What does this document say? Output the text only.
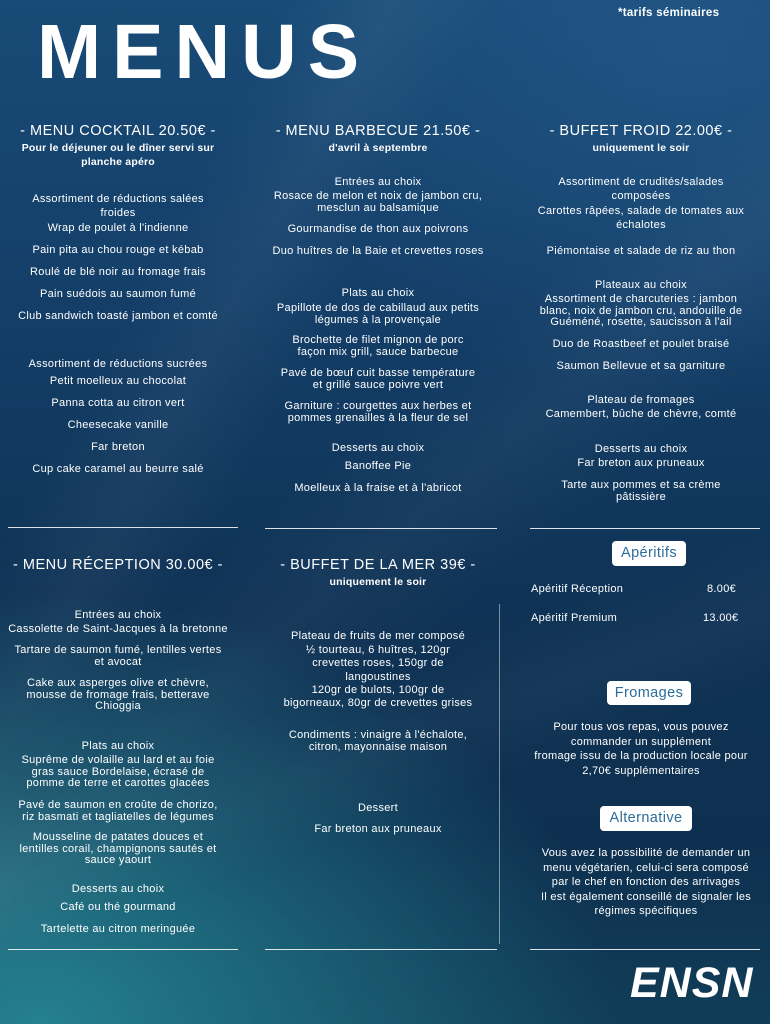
*tarifs séminaires
MENUS
- MENU COCKTAIL 20.50€ -

Pour le déjeuner ou le dîner servi sur
planche apéro

Assortiment de réductions salées
froides

Wrap de poulet à l'indienne

Pain pita au chou rouge et kébab

Roulé de blé noir au fromage frais

Pain suédois au saumon fumé

Club sandwich toasté jambon et comté

Assortiment de réductions sucrées

Petit moelleux au chocolat

Panna cotta au citron vert

Cheesecake vanille

Far breton

Cup cake caramel au beurre salé

- MENU BARBECUE 21.50€ -

d'avril à septembre

Entrées au choix

Rosace de melon et noix de jambon cru,
mesclun au balsamique

Gourmandise de thon aux poivrons

Duo huîtres de la Baie et crevettes roses

Plats au choix

Papillote de dos de cabillaud aux petits
légumes à la provençale

Brochette de filet mignon de porc
façon mix grill, sauce barbecue

Pavé de bœuf cuit basse température
et grillé sauce poivre vert

Garniture : courgettes aux herbes et
pommes grenailles à la fleur de sel

Desserts au choix

Banoffee Pie

Moelleux à la fraise et à l'abricot

- BUFFET FROID 22.00€ -

uniquement le soir

Assortiment de crudités/salades
composées

Carottes râpées, salade de tomates aux
échalotes

Piémontaise et salade de riz au thon

Plateaux au choix

Assortiment de charcuteries : jambon
blanc, noix de jambon cru, andouille de
Guéméné, rosette, saucisson à l'ail

Duo de Roastbeef et poulet braisé

Saumon Bellevue et sa garniture

Plateau de fromages

Camembert, bûche de chèvre, comté

Desserts au choix

Far breton aux pruneaux

Tarte aux pommes et sa crème
pâtissière

- MENU RÉCEPTION 30.00€ -

Entrées au choix

Cassolette de Saint-Jacques à la bretonne

Tartare de saumon fumé, lentilles vertes
et avocat

Cake aux asperges olive et chèvre,
mousse de fromage frais, betterave
Chioggia

Plats au choix

Suprême de volaille au lard et au foie
gras sauce Bordelaise, écrasé de
pomme de terre et carottes glacées

Pavé de saumon en croûte de chorizo,
riz basmati et tagliatelles de légumes

Mousseline de patates douces et
lentilles corail, champignons sautés et
sauce yaourt

Desserts au choix

Café ou thé gourmand

Tartelette au citron meringuée

- BUFFET DE LA MER 39€ -

uniquement le soir

Plateau de fruits de mer composé

½ tourteau, 6 huîtres, 120gr
crevettes roses, 150gr de
langoustines
120gr de bulots, 100gr de
bigorneaux, 80gr de crevettes grises

Condiments : vinaigre à l'échalote,
citron, mayonnaise maison

Dessert

Far breton aux pruneaux

Apéritifs
Apéritif Réception	8.00€
Apéritif Premium	13.00€
Fromages

Pour tous vos repas, vous pouvez
commander un supplément
fromage issu de la production locale pour
2,70€ supplémentaires

Alternative

Vous avez la possibilité de demander un
menu végétarien, celui-ci sera composé
par le chef en fonction des arrivages
Il est également conseillé de signaler les
régimes spécifiques

ENSN
